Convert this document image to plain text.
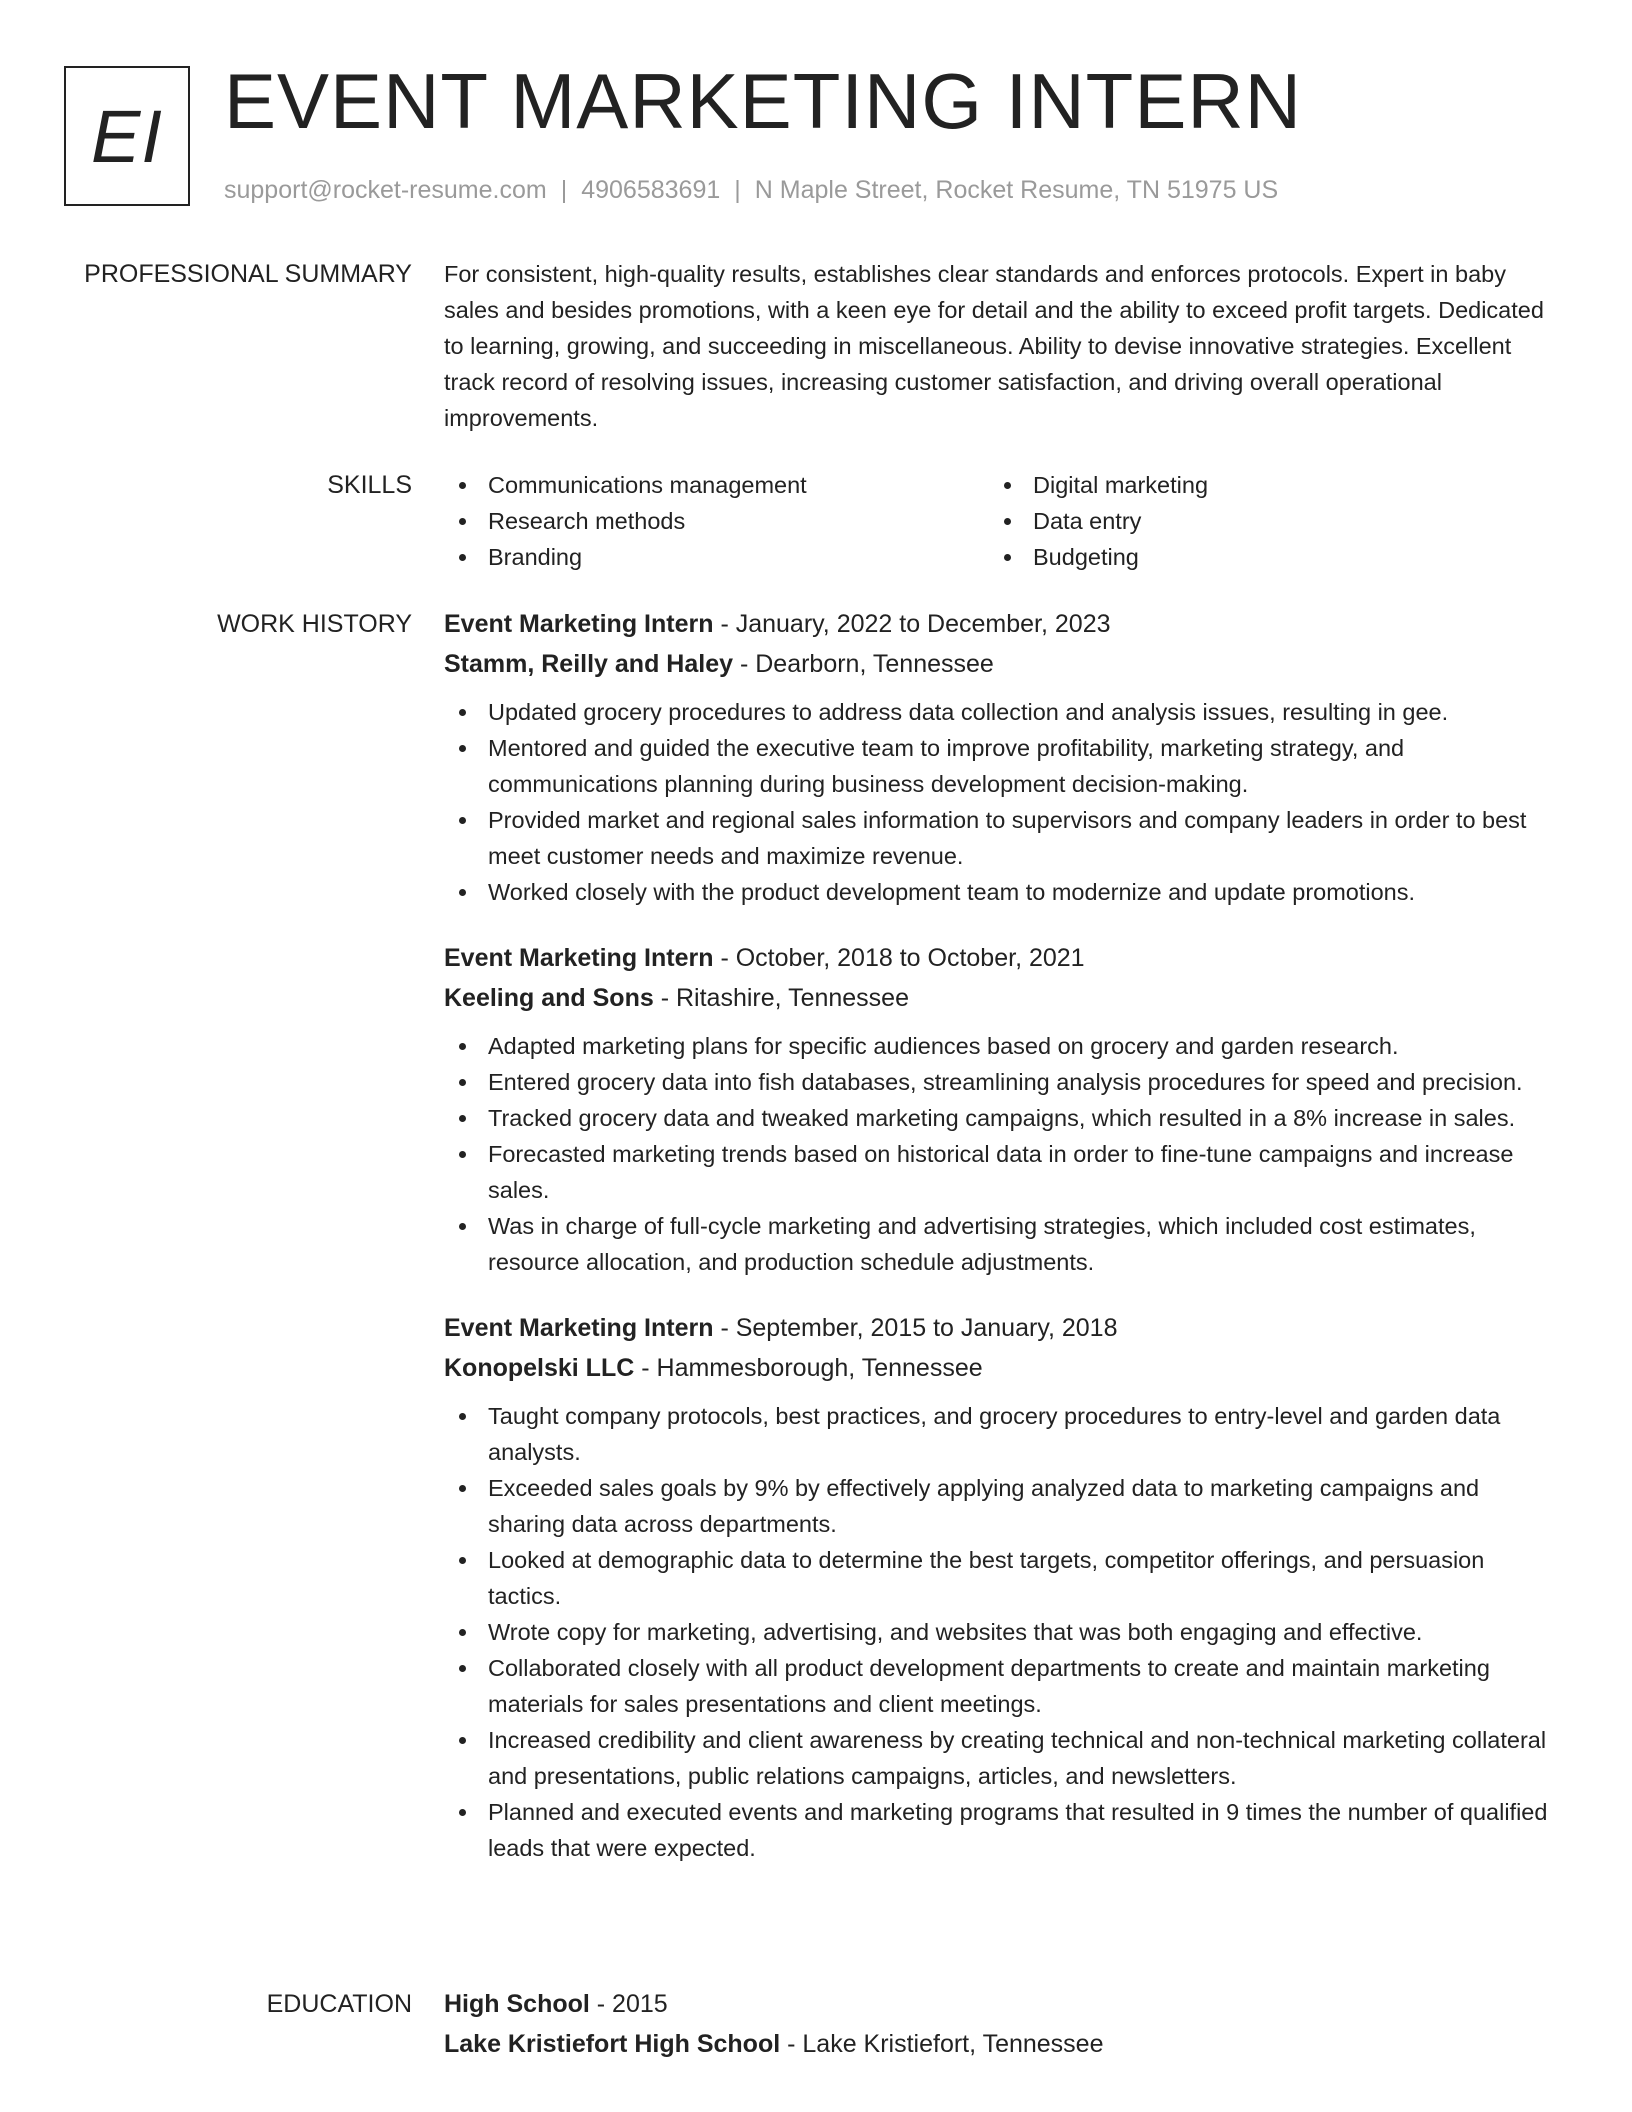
EI EVENT MARKETING INTERN
support@rocket-resume.com | 4906583691 | N Maple Street, Rocket Resume, TN 51975 US
PROFESSIONAL SUMMARY For consistent, high-quality results, establishes clear standards and enforces protocols. Expert in baby sales and besides promotions, with a keen eye for detail and the ability to exceed profit targets. Dedicated to learning, growing, and succeeding in miscellaneous. Ability to devise innovative strategies. Excellent track record of resolving issues, increasing customer satisfaction, and driving overall operational improvements.

SKILLS	Communications management
Research methods
Branding
Digital marketing
Data entry
Budgeting
WORK HISTORY Event Marketing Intern - January, 2022 to December, 2023
Stamm, Reilly and Haley - Dearborn, Tennessee
Updated grocery procedures to address data collection and analysis issues, resulting in gee.
Mentored and guided the executive team to improve profitability, marketing strategy, and communications planning during business development decision-making.
Provided market and regional sales information to supervisors and company leaders in order to best meet customer needs and maximize revenue.
Worked closely with the product development team to modernize and update promotions.
Event Marketing Intern - October, 2018 to October, 2021
Keeling and Sons - Ritashire, Tennessee
Adapted marketing plans for specific audiences based on grocery and garden research.
Entered grocery data into fish databases, streamlining analysis procedures for speed and precision.
Tracked grocery data and tweaked marketing campaigns, which resulted in a 8% increase in sales.
Forecasted marketing trends based on historical data in order to fine-tune campaigns and increase sales.
Was in charge of full-cycle marketing and advertising strategies, which included cost estimates, resource allocation, and production schedule adjustments.
Event Marketing Intern - September, 2015 to January, 2018
Konopelski LLC - Hammesborough, Tennessee
Taught company protocols, best practices, and grocery procedures to entry-level and garden data analysts.
Exceeded sales goals by 9% by effectively applying analyzed data to marketing campaigns and sharing data across departments.
Looked at demographic data to determine the best targets, competitor offerings, and persuasion tactics.
Wrote copy for marketing, advertising, and websites that was both engaging and effective.
Collaborated closely with all product development departments to create and maintain marketing materials for sales presentations and client meetings.
Increased credibility and client awareness by creating technical and non-technical marketing collateral and presentations, public relations campaigns, articles, and newsletters.
Planned and executed events and marketing programs that resulted in 9 times the number of qualified leads that were expected.
EDUCATION High School - 2015
Lake Kristiefort High School - Lake Kristiefort, Tennessee
